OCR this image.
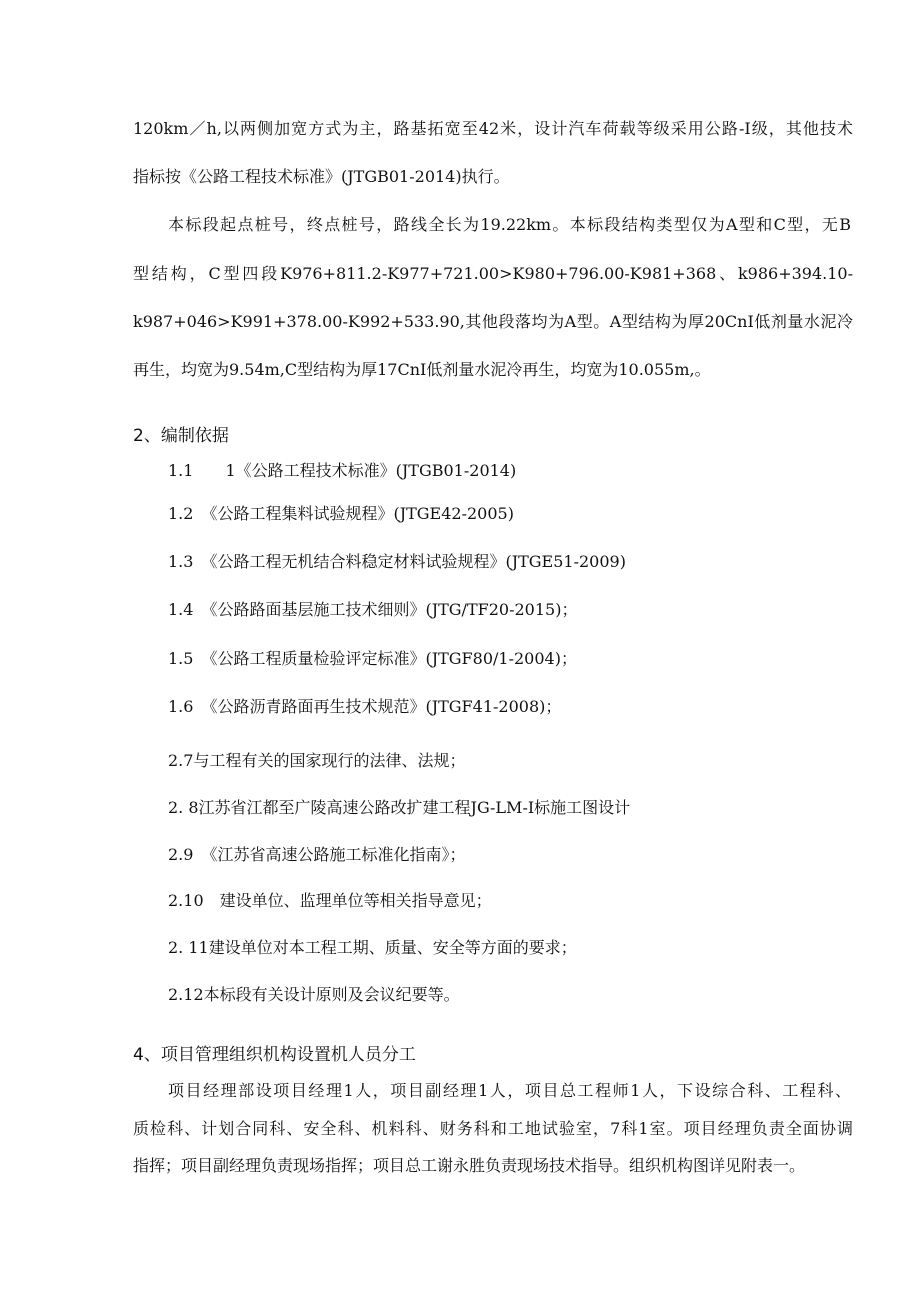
120km／h,以两侧加宽方式为主，路基拓宽至42米，设计汽车荷载等级采用公路-I级，其他技术
指标按《公路工程技术标准》(JTGB01-2014)执行。
本标段起点桩号，终点桩号，路线全长为19.22km。本标段结构类型仅为A型和C型，无B
型结构，C型四段K976+811.2-K977+721.00>K980+796.00-K981+368、k986+394.10-
k987+046>K991+378.00-K992+533.90,其他段落均为A型。A型结构为厚20CnI低剂量水泥冷
再生，均宽为9.54m,C型结构为厚17CnI低剂量水泥冷再生，均宽为10.055m,。
2、编制依据
1.1　　1《公路工程技术标准》(JTGB01-2014)
1.2　《公路工程集料试验规程》(JTGE42-2005)
1.3　《公路工程无机结合料稳定材料试验规程》(JTGE51-2009)
1.4　《公路路面基层施工技术细则》(JTG/TF20-2015)；
1.5　《公路工程质量检验评定标准》(JTGF80/1-2004)；
1.6　《公路沥青路面再生技术规范》(JTGF41-2008)；
2.7与工程有关的国家现行的法律、法规；
2. 8江苏省江都至广陵高速公路改扩建工程JG-LM-I标施工图设计
2.9　《江苏省高速公路施工标准化指南》；
2.10　建设单位、监理单位等相关指导意见；
2. 11建设单位对本工程工期、质量、安全等方面的要求；
2.12本标段有关设计原则及会议纪要等。
4、项目管理组织机构设置机人员分工
项目经理部设项目经理1人，项目副经理1人，项目总工程师1人，下设综合科、工程科、
质检科、计划合同科、安全科、机料科、财务科和工地试验室，7科1室。项目经理负责全面协调
指挥；项目副经理负责现场指挥；项目总工谢永胜负责现场技术指导。组织机构图详见附表一。
